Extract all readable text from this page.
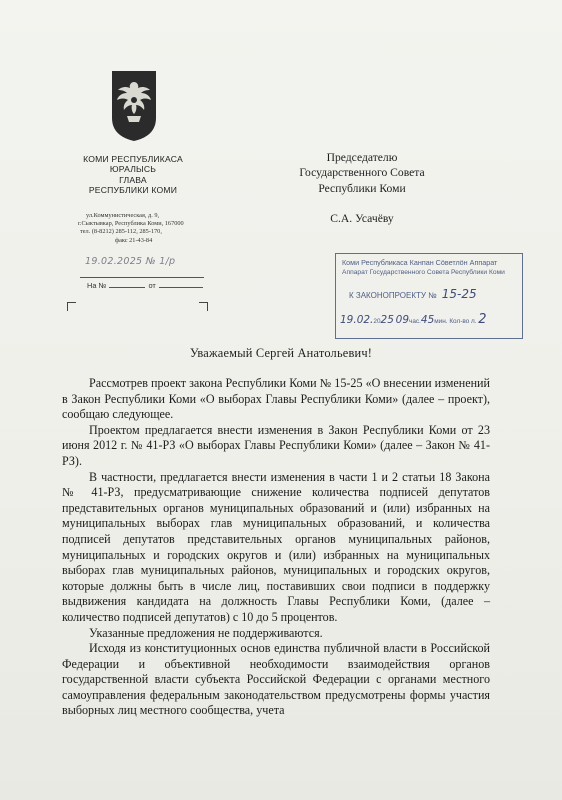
КОМИ РЕСПУБЛИКАСА
ЮРАЛЫСЬ
ГЛАВА
РЕСПУБЛИКИ КОМИ
ул.Коммунистическая, д. 9,
г.Сыктывкар, Республика Коми, 167000
тел. (8-8212) 285-112, 285-170,
факс 21-43-84
19.02.2025 № 1/р
На №	от
Председателю
Государственного Совета
Республики Коми
С.А. Усачёву
Коми Республикаса Канпан Сöветлöн Аппарат
Аппарат Государственного Совета Республики Коми
К ЗАКОНОПРОЕКТУ № 15-25
19.02.2025 09час.45мин. Кол-во л. 2
Уважаемый Сергей Анатольевич!

Рассмотрев проект закона Республики Коми № 15-25 «О внесении изменений в Закон Республики Коми «О выборах Главы Республики Коми» (далее – проект), сообщаю следующее.

Проектом предлагается внести изменения в Закон Республики Коми от 23 июня 2012 г. № 41-РЗ «О выборах Главы Республики Коми» (далее – Закон № 41-РЗ).

В частности, предлагается внести изменения в части 1 и 2 статьи 18 Закона № 41-РЗ, предусматривающие снижение количества подписей депутатов представительных органов муниципальных образований и (или) избранных на муниципальных выборах глав муниципальных образований, и количества подписей депутатов представительных органов муниципальных районов, муниципальных и городских округов и (или) избранных на муниципальных выборах глав муниципальных районов, муниципальных и городских округов, которые должны быть в числе лиц, поставивших свои подписи в поддержку выдвижения кандидата на должность Главы Республики Коми, (далее – количество подписей депутатов) с 10 до 5 процентов.

Указанные предложения не поддерживаются.

Исходя из конституционных основ единства публичной власти в Российской Федерации и объективной необходимости взаимодействия органов государственной власти субъекта Российской Федерации с органами местного самоуправления федеральным законодательством предусмотрены формы участия выборных лиц местного сообщества, учета
